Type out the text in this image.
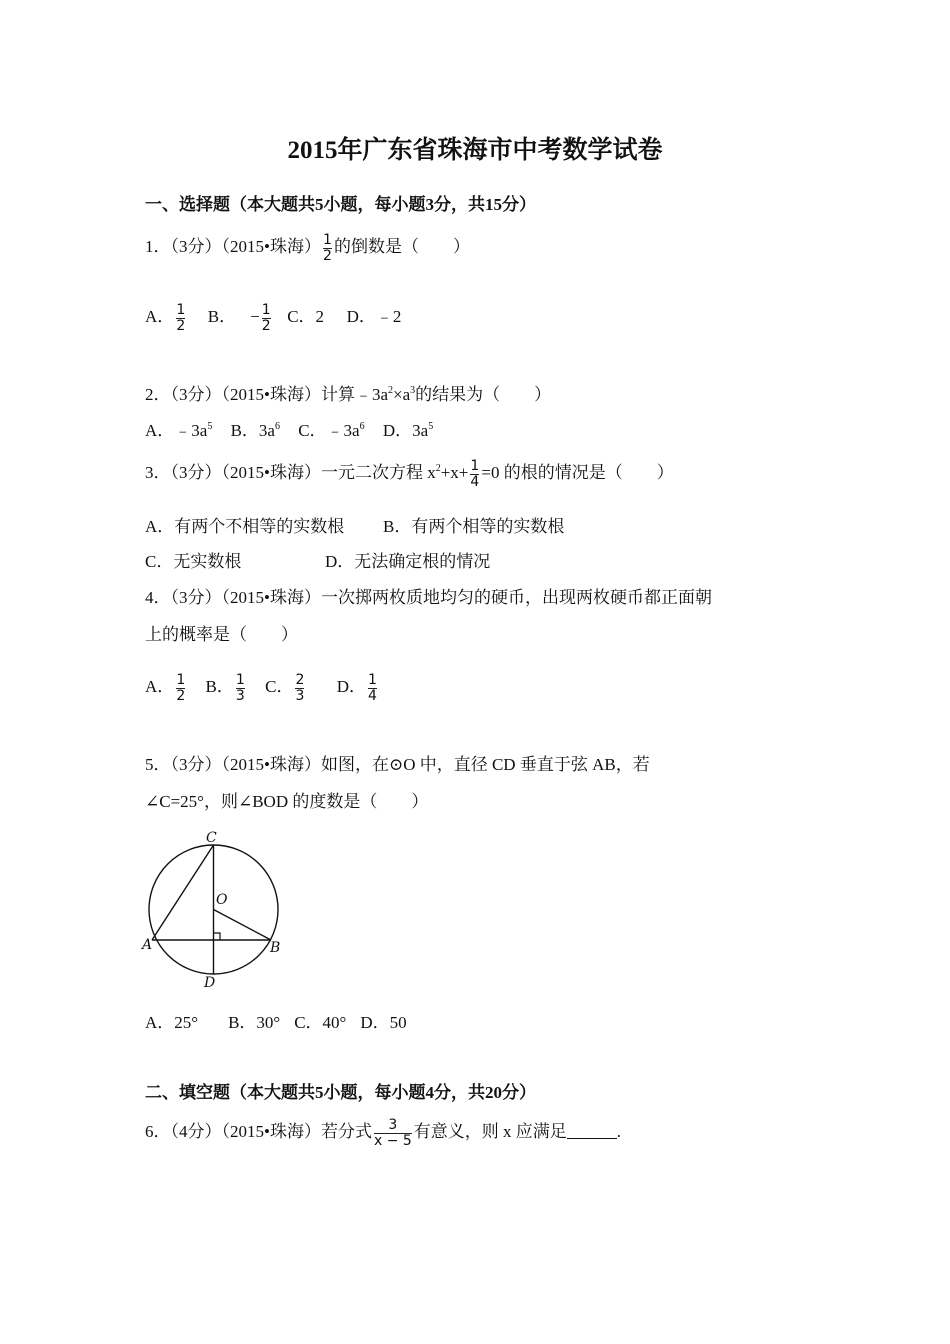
2015年广东省珠海市中考数学试卷
一、选择题（本大题共5小题，每小题3分，共15分）
1．（3分）（2015•珠海） $\frac{1}{2}$ 的倒数是（　　）
A． $\frac{1}{2}$ B． − $\frac{1}{2}$ C．2 D．﹣2
2．（3分）（2015•珠海）计算$﹣3a^2\times a^3$的结果为（　　）
A．$﹣3a^5$ B．$3a^6$ C．$﹣3a^6$ D．$3a^5$
3．（3分）（2015•珠海）一元二次方程 $x^2+x+ \frac{1}{4} =0$ 的根的情况是（　　）
A．有两个不相等的实数根 B．有两个相等的实数根
C．无实数根	D．无法确定根的情况
4．（3分）（2015•珠海）一次掷两枚质地均匀的硬币，出现两枚硬币都正面朝
上的概率是（　　）
A． $\frac{1}{2}$ B． $\frac{1}{3}$ C． $\frac{2}{3}$ D． $\frac{1}{4}$
5．（3分）（2015•珠海）如图，在⊙O 中，直径 CD 垂直于弦 AB，若
∠C=25°，则∠BOD 的度数是（　　）
C
O
A	B
D
A．25° B．30° C．40° D．50
二、填空题（本大题共5小题，每小题4分，共20分）
6．（4分）（2015•珠海）若分式 $\frac{3}{x - 5}$ 有意义，则 x 应满足	.
